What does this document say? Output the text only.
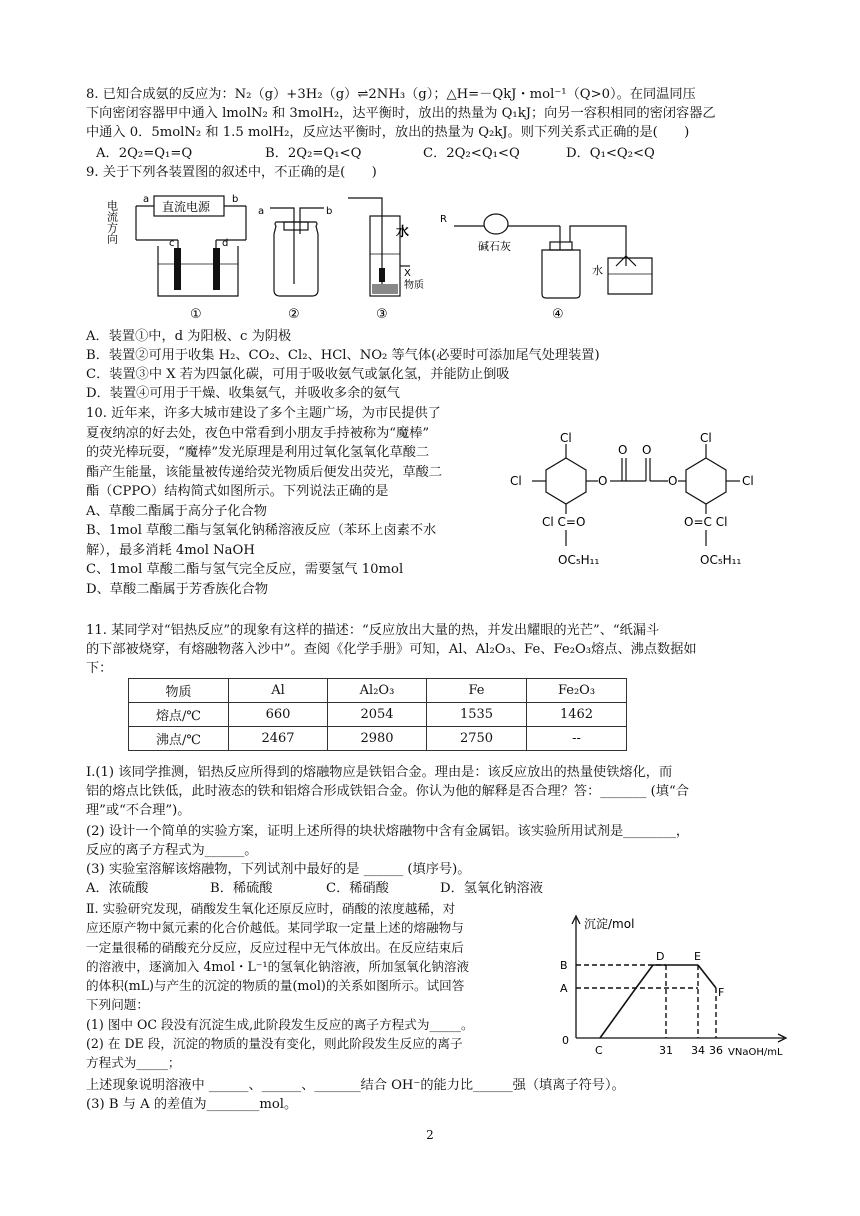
8. 已知合成氨的反应为：N₂（g）+3H₂（g）⇌2NH₃（g）；△H=－QkJ・mol⁻¹（Q>0）。在同温同压
下向密闭容器甲中通入 lmolN₂ 和 3molH₂，达平衡时，放出的热量为 Q₁kJ；向另一容积相同的密闭容器乙
中通入 0．5molN₂ 和 1.5 molH₂，反应达平衡时，放出的热量为 Q₂kJ。则下列关系式正确的是(　　)
A．2Q₂=Q₁=Q	B．2Q₂=Q₁<Q	C．2Q₂<Q₁<Q	D．Q₁<Q₂<Q
9. 关于下列各装置图的叙述中，不正确的是(　　)
电流方向	直流电源
a	b
c	d
a	b
水
X
物质
R
碱石灰
水
①	②	③	④
A．装置①中，d 为阳极、c 为阴极
B．装置②可用于收集 H₂、CO₂、Cl₂、HCl、NO₂ 等气体(必要时可添加尾气处理装置)
C．装置③中 X 若为四氯化碳，可用于吸收氨气或氯化氢，并能防止倒吸
D．装置④可用于干燥、收集氨气，并吸收多余的氨气
10. 近年来，许多大城市建设了多个主题广场，为市民提供了
夏夜纳凉的好去处，夜色中常看到小朋友手持被称为“魔棒”
的荧光棒玩耍，“魔棒”发光原理是利用过氧化氢氧化草酸二
酯产生能量，该能量被传递给荧光物质后便发出荧光，草酸二
酯（CPPO）结构简式如图所示。下列说法正确的是
A、草酸二酯属于高分子化合物
B、1mol 草酸二酯与氢氧化钠稀溶液反应（苯环上卤素不水
解），最多消耗 4mol NaOH
C、1mol 草酸二酯与氢气完全反应，需要氢气 10mol
D、草酸二酯属于芳香族化合物
Cl
Cl	O
O O
O
Cl
Cl
Cl C=O	O=C Cl
OC₅H₁₁	OC₅H₁₁
11. 某同学对“铝热反应”的现象有这样的描述：“反应放出大量的热，并发出耀眼的光芒”、“纸漏斗
的下部被烧穿，有熔融物落入沙中”。查阅《化学手册》可知，Al、Al₂O₃、Fe、Fe₂O₃熔点、沸点数据如
下：
物质	Al	Al₂O₃	Fe	Fe₂O₃
熔点/℃	660	2054	1535	1462
沸点/℃	2467	2980	2750	--
Ⅰ.(1) 该同学推测，铝热反应所得到的熔融物应是铁铝合金。理由是：该反应放出的热量使铁熔化，而
铝的熔点比铁低，此时液态的铁和铝熔合形成铁铝合金。你认为他的解释是否合理？答：_______ (填“合
理”或“不合理”)。
(2) 设计一个简单的实验方案，证明上述所得的块状熔融物中含有金属铝。该实验所用试剂是________，
反应的离子方程式为______。
(3) 实验室溶解该熔融物，下列试剂中最好的是 ______ (填序号)。
A．浓硫酸	B．稀硫酸	C．稀硝酸	D．氢氧化钠溶液
Ⅱ. 实验研究发现，硝酸发生氧化还原反应时，硝酸的浓度越稀，对
应还原产物中氮元素的化合价越低。某同学取一定量上述的熔融物与
一定量很稀的硝酸充分反应，反应过程中无气体放出。在反应结束后
的溶液中，逐滴加入 4mol・L⁻¹的氢氧化钠溶液，所加氢氧化钠溶液
的体积(mL)与产生的沉淀的物质的量(mol)的关系如图所示。试回答
下列问题：
(1) 图中 OC 段没有沉淀生成,此阶段发生反应的离子方程式为_____。
(2) 在 DE 段，沉淀的物质的量没有变化，则此阶段发生反应的离子
方程式为_____；
沉淀/mol
VNaOH/mL
B
A
D	E
F
0
C	31 34 36
上述现象说明溶液中 ______、______、_______结合 OH⁻的能力比______强（填离子符号）。
(3) B 与 A 的差值为________mol。
2
